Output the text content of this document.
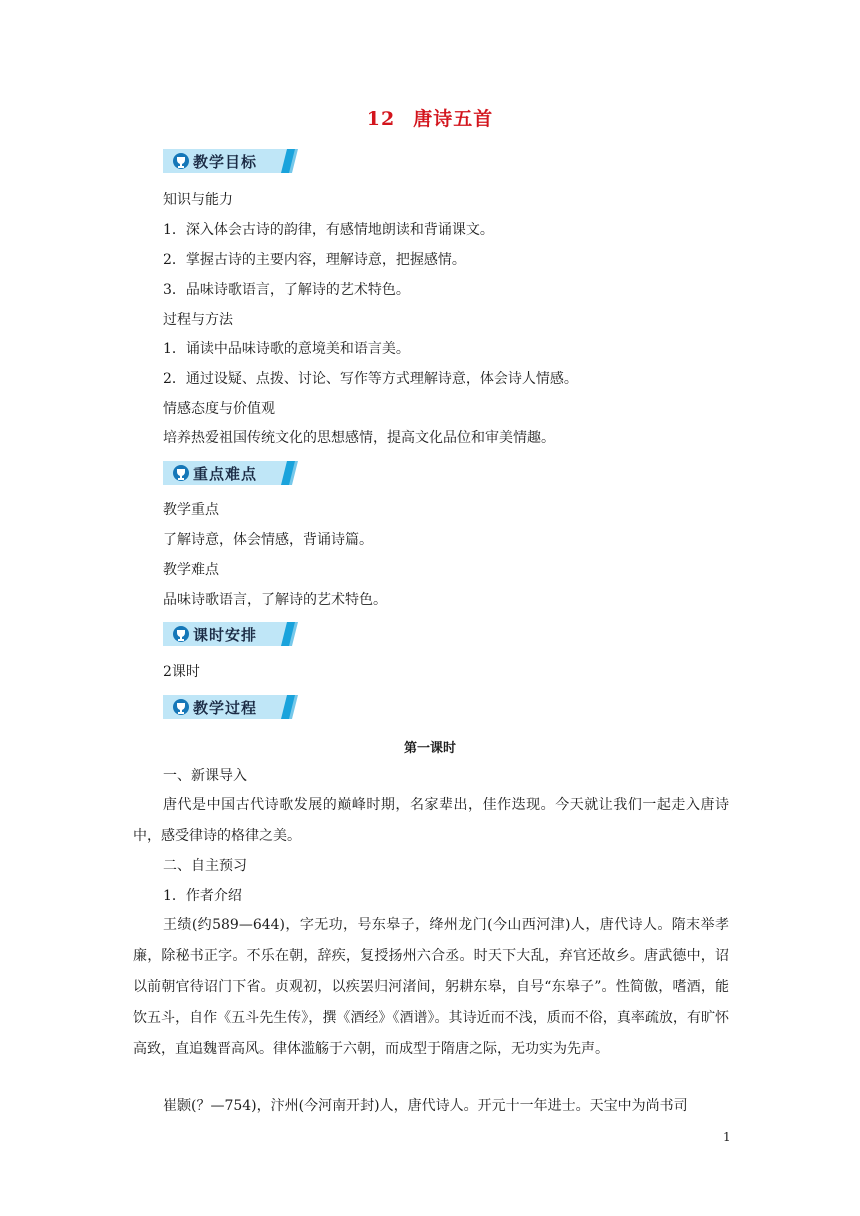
12 唐诗五首
教学目标
知识与能力
1．深入体会古诗的韵律，有感情地朗读和背诵课文。
2．掌握古诗的主要内容，理解诗意，把握感情。
3．品味诗歌语言，了解诗的艺术特色。
过程与方法
1．诵读中品味诗歌的意境美和语言美。
2．通过设疑、点拨、讨论、写作等方式理解诗意，体会诗人情感。
情感态度与价值观
培养热爱祖国传统文化的思想感情，提高文化品位和审美情趣。
重点难点
教学重点
了解诗意，体会情感，背诵诗篇。
教学难点
品味诗歌语言，了解诗的艺术特色。
课时安排
2课时
教学过程
第一课时
一、新课导入
唐代是中国古代诗歌发展的巅峰时期，名家辈出，佳作迭现。今天就让我们一起走入唐诗中，感受律诗的格律之美。
二、自主预习
1．作者介绍
王绩(约589—644)，字无功，号东皋子，绛州龙门(今山西河津)人，唐代诗人。隋末举孝廉，除秘书正字。不乐在朝，辞疾，复授扬州六合丞。时天下大乱，弃官还故乡。唐武德中，诏以前朝官待诏门下省。贞观初，以疾罢归河渚间，躬耕东皋，自号“东皋子”。性简傲，嗜酒，能饮五斗，自作《五斗先生传》，撰《酒经》《酒谱》。其诗近而不浅，质而不俗，真率疏放，有旷怀高致，直追魏晋高风。律体滥觞于六朝，而成型于隋唐之际，无功实为先声。
崔颢(？—754)，汴州(今河南开封)人，唐代诗人。开元十一年进士。天宝中为尚书司
1
